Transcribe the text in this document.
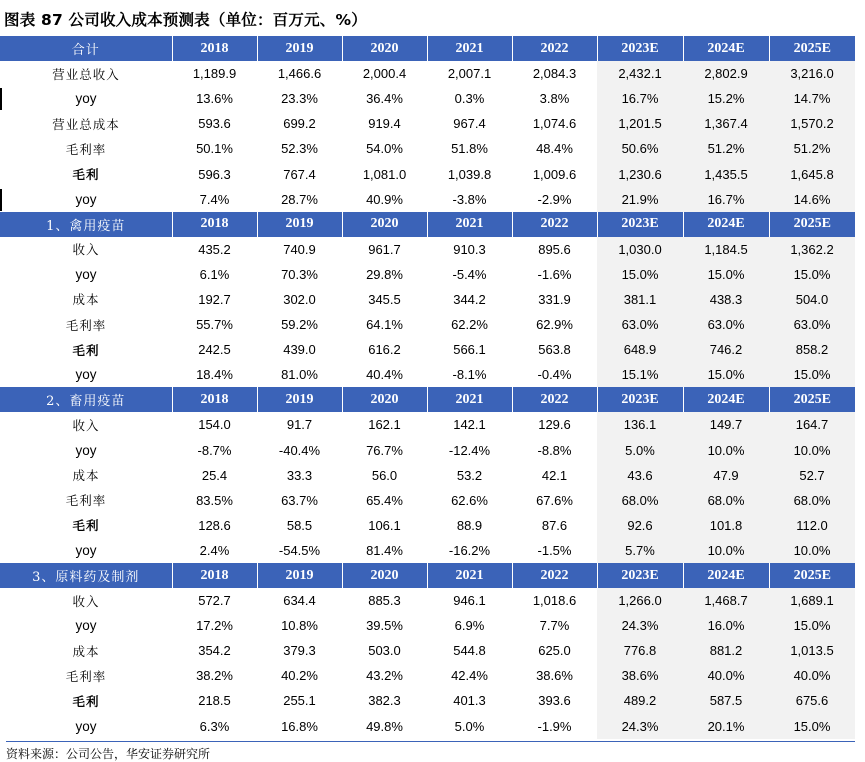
图表 87 公司收入成本预测表（单位：百万元、%）
合计	2018	2019	2020	2021	2022	2023E	2024E	2025E
营业总收入	1,189.9	1,466.6	2,000.4	2,007.1	2,084.3	2,432.1	2,802.9	3,216.0
yoy	13.6%	23.3%	36.4%	0.3%	3.8%	16.7%	15.2%	14.7%
营业总成本	593.6	699.2	919.4	967.4	1,074.6	1,201.5	1,367.4	1,570.2
毛利率	50.1%	52.3%	54.0%	51.8%	48.4%	50.6%	51.2%	51.2%
毛利	596.3	767.4	1,081.0	1,039.8	1,009.6	1,230.6	1,435.5	1,645.8
yoy	7.4%	28.7%	40.9%	-3.8%	-2.9%	21.9%	16.7%	14.6%
1、禽用疫苗	2018	2019	2020	2021	2022	2023E	2024E	2025E
收入	435.2	740.9	961.7	910.3	895.6	1,030.0	1,184.5	1,362.2
yoy	6.1%	70.3%	29.8%	-5.4%	-1.6%	15.0%	15.0%	15.0%
成本	192.7	302.0	345.5	344.2	331.9	381.1	438.3	504.0
毛利率	55.7%	59.2%	64.1%	62.2%	62.9%	63.0%	63.0%	63.0%
毛利	242.5	439.0	616.2	566.1	563.8	648.9	746.2	858.2
yoy	18.4%	81.0%	40.4%	-8.1%	-0.4%	15.1%	15.0%	15.0%
2、畜用疫苗	2018	2019	2020	2021	2022	2023E	2024E	2025E
收入	154.0	91.7	162.1	142.1	129.6	136.1	149.7	164.7
yoy	-8.7%	-40.4%	76.7%	-12.4%	-8.8%	5.0%	10.0%	10.0%
成本	25.4	33.3	56.0	53.2	42.1	43.6	47.9	52.7
毛利率	83.5%	63.7%	65.4%	62.6%	67.6%	68.0%	68.0%	68.0%
毛利	128.6	58.5	106.1	88.9	87.6	92.6	101.8	112.0
yoy	2.4%	-54.5%	81.4%	-16.2%	-1.5%	5.7%	10.0%	10.0%
3、原料药及制剂	2018	2019	2020	2021	2022	2023E	2024E	2025E
收入	572.7	634.4	885.3	946.1	1,018.6	1,266.0	1,468.7	1,689.1
yoy	17.2%	10.8%	39.5%	6.9%	7.7%	24.3%	16.0%	15.0%
成本	354.2	379.3	503.0	544.8	625.0	776.8	881.2	1,013.5
毛利率	38.2%	40.2%	43.2%	42.4%	38.6%	38.6%	40.0%	40.0%
毛利	218.5	255.1	382.3	401.3	393.6	489.2	587.5	675.6
yoy	6.3%	16.8%	49.8%	5.0%	-1.9%	24.3%	20.1%	15.0%
资料来源：公司公告，华安证券研究所
